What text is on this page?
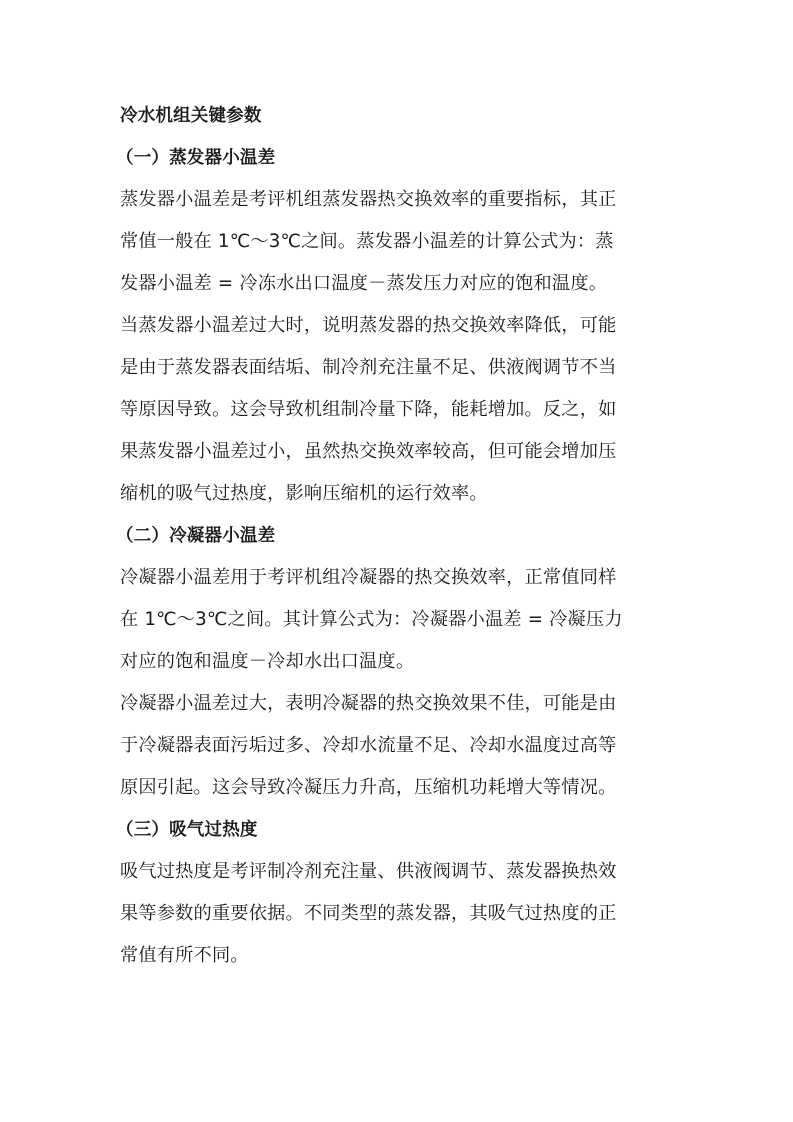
冷水机组关键参数
（一）蒸发器小温差
蒸发器小温差是考评机组蒸发器热交换效率的重要指标，其正
常值一般在 1℃～3℃之间。蒸发器小温差的计算公式为：蒸
发器小温差 = 冷冻水出口温度－蒸发压力对应的饱和温度。
当蒸发器小温差过大时，说明蒸发器的热交换效率降低，可能
是由于蒸发器表面结垢、制冷剂充注量不足、供液阀调节不当
等原因导致。这会导致机组制冷量下降，能耗增加。反之，如
果蒸发器小温差过小，虽然热交换效率较高，但可能会增加压
缩机的吸气过热度，影响压缩机的运行效率。
（二）冷凝器小温差
冷凝器小温差用于考评机组冷凝器的热交换效率，正常值同样
在 1℃～3℃之间。其计算公式为：冷凝器小温差 = 冷凝压力
对应的饱和温度－冷却水出口温度。
冷凝器小温差过大，表明冷凝器的热交换效果不佳，可能是由
于冷凝器表面污垢过多、冷却水流量不足、冷却水温度过高等
原因引起。这会导致冷凝压力升高，压缩机功耗增大等情况。
（三）吸气过热度
吸气过热度是考评制冷剂充注量、供液阀调节、蒸发器换热效
果等参数的重要依据。不同类型的蒸发器，其吸气过热度的正
常值有所不同。
